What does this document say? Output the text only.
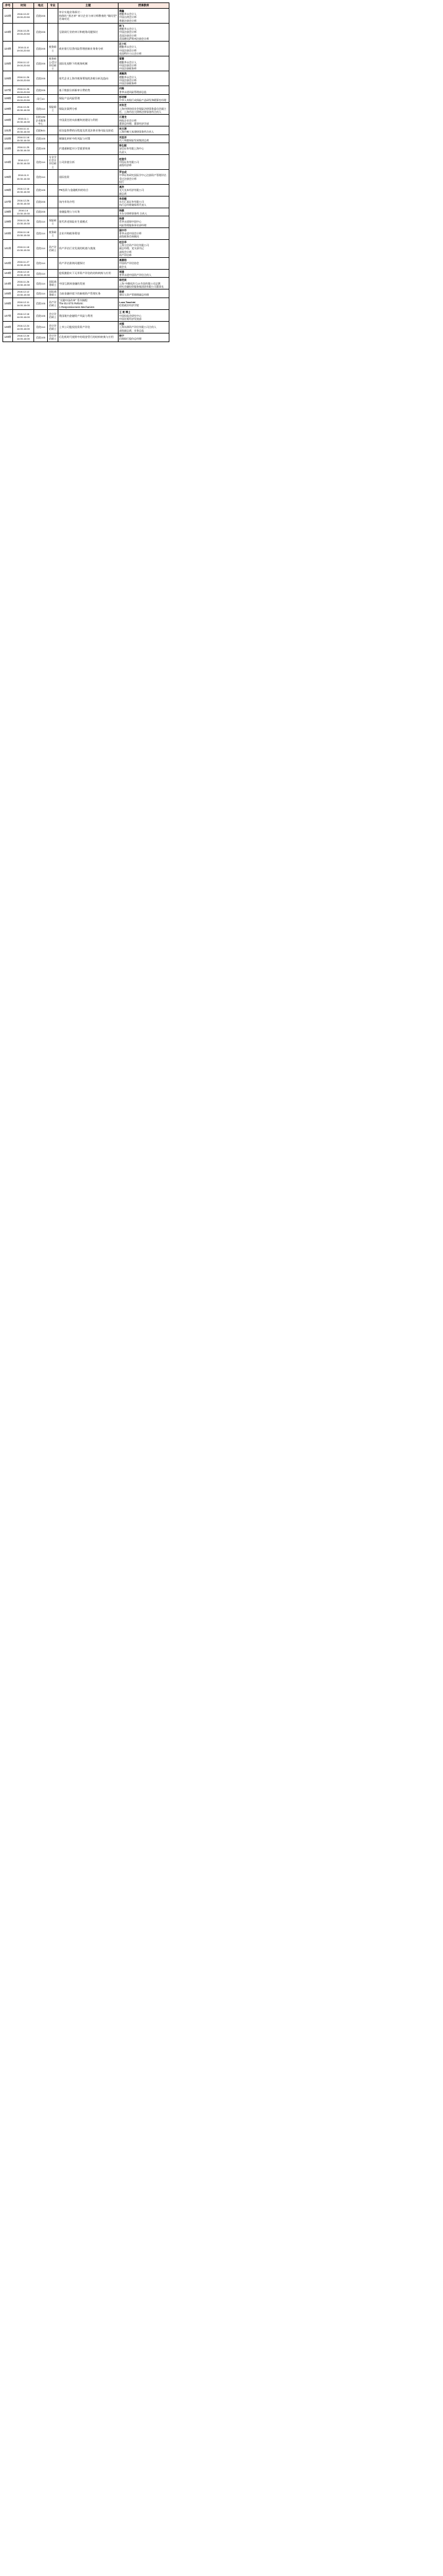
序号	时间	地点	专业	主题	授课教师
122期	2016.10.22
19:00-20:50	信院205		审计实地业务探讨 -
持续的 "黑名单" 审计企业与审计师教育的 "顾问型" 咨询对比	潘鑫
德勤华永会计人
中国台湾会计师
香港注册会计师

123期	2016.10.25
19:00-20:50	信院205		互联网行业的审计和税务问题探讨	杨飞
德勤华永会计人
中国注册会计师
美国注册会计师
美国德克萨斯州注册会计师

124期	2016.11.8
19:00-20:50	信院205	税务硕士	商业银行信贷风险管理创新业务务分析	区小红
德勤华永会计人
中国注册会计师
英国特许公认会计师

125期	2016.11.12
19:00-20:50	信院205	税务硕士/会计评估硕士	国际化视野下的税务机制	翟慧
德勤华永会计人
中国注册会计师
中国注册税务师

126期	2016.11.26
19:00-20:50	信院205		现代企业上海市税务筹划的涉税分析及趋向	高毓鸿
德勤华永会计人
中国注册会计师
中国注册税务师

127期	2016.11.26
19:00-20:50	信院205		基于数据分析新审计费的势	何维
普华永道风险管理部总监

128期	2016.10.20
19:00-20:50	闵行10		保险产品风险管理	彭明辉
中华人寿银行成保险产品研发和精算室经理

129期	2016.10.26
15:30-16:30	信院114	保险硕士	保险法案例分析	刘有芝
上海市律协同业会保险法律事务委员会副主任、上海市浩大律师法律事务所合伙人

130期	2016.11.1
15:30-16:30	信院105/企业服务中心		中国责任的实前模块的建设与利用	江建龙
格锐企业会计师
董事总经理、董事经济学部

131期	2016.11.11
15:30-16:30	信院B01		原泊监察费的历程度及常见法律业务风险及防范	吴文清
上海市晚大家建律事务所合伙人

132期	2016.11.18
15:30-16:30	信院105		城镇化转折中的风险与对策	刘昱洋
玖六和港保险发展集团总裁

133期	2016.11.25
15:30-16:30	信院105		沪港通制度对小型重要效果	陈弘毅
安信证券有限上海中心
负责人

134期	2016.12.2
15:30-16:30	信院114	专业学位会计评估硕士	公司价值分析	赵登升
中投证券有限公司
高级经济师

135期	2016.11.9
15:30-16:30	信院114		国际投资	罗志成
中华证券研究国际学中心注册资产管理评估受过注册会计师
投行

136期	2016.12.16
15:30-16:30	信院105		PE投资与金融机构的结合	高洪
光大光本经济有限公司
副总裁

137期	2016.12.26
15:30-16:30	信院205		场内市场介绍	李美睡
东方汇富证券有限公司
执行总经理兼保荐代表人

138期	2016.1.6
13:30-15:30	信院205		金融监理公与实务	杨鹃
开办方律师事务所 合伙人

139期	2016.11.26
13:30-15:30	信院114	保险硕士	现代养老保险业生重模式	杨康
哲华永道保中国中心
风险管理服务事业部经理

140期	2016.11.18
13:30-15:30	信院114	税务硕士	企业并购税务筹划	国中市
普华永道中国会计师
高级税务咨询顾问

141期	2016.11.18
13:30-15:30	信院114	资产评估硕士	资产评估行业发展的机遇与挑战	赵忠华
上海立信资产评估有限公司
副总经理、党支部书记
高级会计师
资产评估师

142期	2016.11.27
13:30-15:30	信院114		资产评估准则问题探讨	高顺培
中国资产评估协会
副会长

143期	2016.12.10
13:30-15:30	信院114		股权激励实下无形资产评估的结构转换与应用	周建
普华永道中国资产评估合伙人

144期	2016.11.26
13:30-15:30	信院114	国际商务硕士	中国互联网金融的发展	陈恺贤
上海 中德同济大13 作国有限公司总教
研究会融投资服务集团团有限公司董事长

145期	2016.12.12
13:30-15:30	信院114	国际商务硕士	当前金融环境下的新税资产管理实务	陈晓
建设人资产管理理副总经理

146期	2016.12.11
14:00-16:00	信院105	资产评估硕士	"关键中国改革" 系列课程
The EU ETS Reform:
A Responsiveness Mechanism	Luca Taschini
伦敦政治经济学院

147期	2016.12.16
14:00-16:00	信院105	会计评估硕士	我国境内金融资产风险与利用	王 亮 博士
中国投监会研究中心
中国宏观经济发展部

148期	2016.12.24
14:00-16:00	信院114	会计评估硕士	上市公司股权投资资产评估	刘强
上海东洲资产评估有限公司合伙人
高级副总裁、业务总监

149期	2016.12.26
14:00-16:00	信院105	会计评估硕士	后危机时代视野中的现金管行的结构转换与应用	杨宁
招商银行股份总经理
